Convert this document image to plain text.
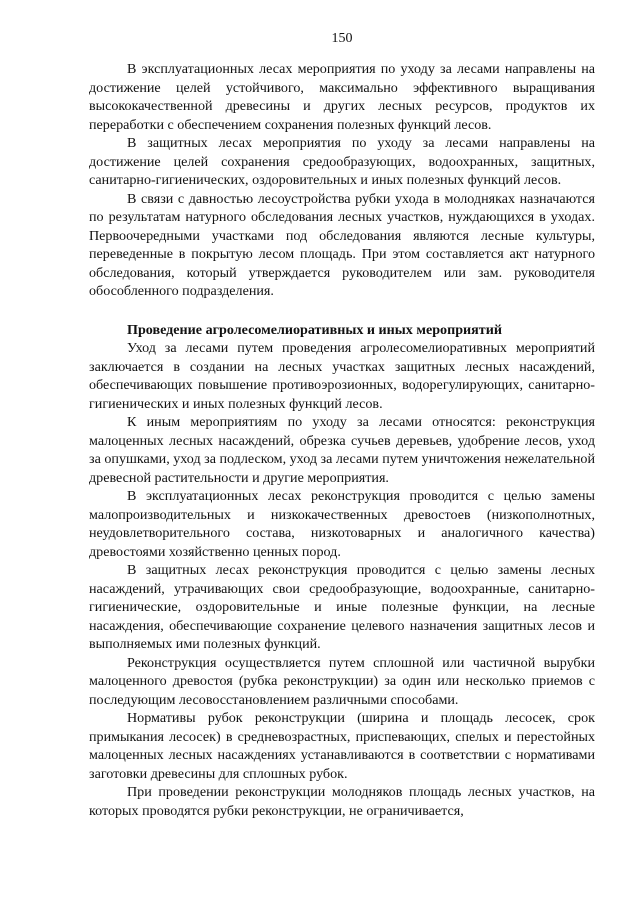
150

В эксплуатационных лесах мероприятия по уходу за лесами направлены на достижение целей устойчивого, максимально эффективного выращивания высококачественной древесины и других лесных ресурсов, продуктов их переработки с обеспечением сохранения полезных функций лесов.

В защитных лесах мероприятия по уходу за лесами направлены на достижение целей сохранения средообразующих, водоохранных, защитных, санитарно-гигиенических, оздоровительных и иных полезных функций лесов.

В связи с давностью лесоустройства рубки ухода в молодняках назначаются по результатам натурного обследования лесных участков, нуждающихся в уходах. Первоочередными участками под обследования являются лесные культуры, переведенные в покрытую лесом площадь. При этом составляется акт натурного обследования, который утверждается руководителем или зам. руководителя обособленного подразделения.

Проведение агролесомелиоративных и иных мероприятий

Уход за лесами путем проведения агролесомелиоративных мероприятий заключается в создании на лесных участках защитных лесных насаждений, обеспечивающих повышение противоэрозионных, водорегулирующих, санитарно-гигиенических и иных полезных функций лесов.

К иным мероприятиям по уходу за лесами относятся: реконструкция малоценных лесных насаждений, обрезка сучьев деревьев, удобрение лесов, уход за опушками, уход за подлеском, уход за лесами путем уничтожения нежелательной древесной растительности и другие мероприятия.

В эксплуатационных лесах реконструкция проводится с целью замены малопроизводительных и низкокачественных древостоев (низкополнотных, неудовлетворительного состава, низкотоварных и аналогичного качества) древостоями хозяйственно ценных пород.

В защитных лесах реконструкция проводится с целью замены лесных насаждений, утрачивающих свои средообразующие, водоохранные, санитарно-гигиенические, оздоровительные и иные полезные функции, на лесные насаждения, обеспечивающие сохранение целевого назначения защитных лесов и выполняемых ими полезных функций.

Реконструкция осуществляется путем сплошной или частичной вырубки малоценного древостоя (рубка реконструкции) за один или несколько приемов с последующим лесовосстановлением различными способами.

Нормативы рубок реконструкции (ширина и площадь лесосек, срок примыкания лесосек) в средневозрастных, приспевающих, спелых и перестойных малоценных лесных насаждениях устанавливаются в соответствии с нормативами заготовки древесины для сплошных рубок.

При проведении реконструкции молодняков площадь лесных участков, на которых проводятся рубки реконструкции, не ограничивается,
